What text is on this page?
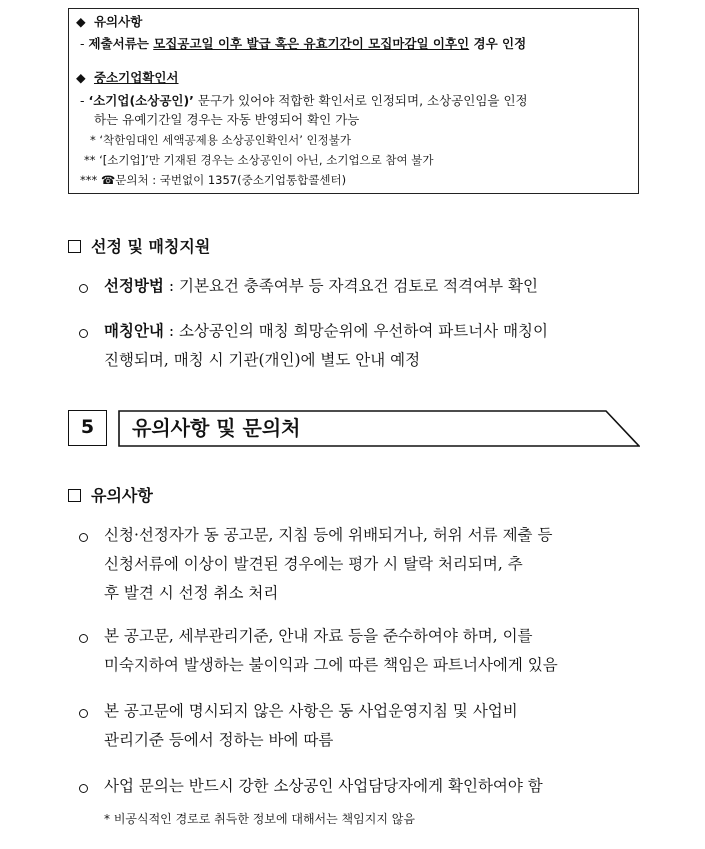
◆ 유의사항
- 제출서류는 모집공고일 이후 발급 혹은 유효기간이 모집마감일 이후인 경우 인정
◆ 중소기업확인서
- ‘소기업(소상공인)’ 문구가 있어야 적합한 확인서로 인정되며, 소상공인임을 인정
하는 유예기간일 경우는 자동 반영되어 확인 가능
* ‘착한임대인 세액공제용 소상공인확인서’ 인정불가
** ‘[소기업]’만 기재된 경우는 소상공인이 아닌, 소기업으로 참여 불가
*** ☎문의처 : 국번없이 1357(중소기업통합콜센터)
선정 및 매칭지원
선정방법 : 기본요건 충족여부 등 자격요건 검토로 적격여부 확인
매칭안내 : 소상공인의 매칭 희망순위에 우선하여 파트너사 매칭이
진행되며, 매칭 시 기관(개인)에 별도 안내 예정
5	유의사항 및 문의처
유의사항
신청·선정자가 동 공고문, 지침 등에 위배되거나, 허위 서류 제출 등
신청서류에 이상이 발견된 경우에는 평가 시 탈락 처리되며, 추
후 발견 시 선정 취소 처리
본 공고문, 세부관리기준, 안내 자료 등을 준수하여야 하며, 이를
미숙지하여 발생하는 불이익과 그에 따른 책임은 파트너사에게 있음
본 공고문에 명시되지 않은 사항은 동 사업운영지침 및 사업비
관리기준 등에서 정하는 바에 따름
사업 문의는 반드시 강한 소상공인 사업담당자에게 확인하여야 함
* 비공식적인 경로로 취득한 정보에 대해서는 책임지지 않음
